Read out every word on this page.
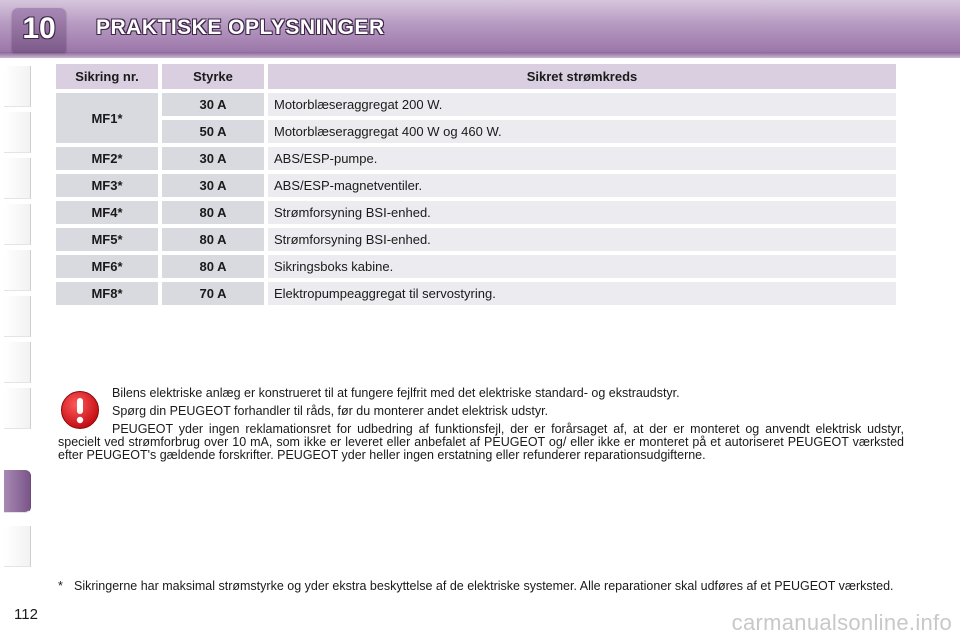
10	PRAKTISKE OPLYSNINGER
Sikring nr.	Styrke	Sikret strømkreds
MF1*	30 A	Motorblæseraggregat 200 W.
	50 A	Motorblæseraggregat 400 W og 460 W.
MF2*	30 A	ABS/ESP-pumpe.
MF3*	30 A	ABS/ESP-magnetventiler.
MF4*	80 A	Strømforsyning BSI-enhed.
MF5*	80 A	Strømforsyning BSI-enhed.
MF6*	80 A	Sikringsboks kabine.
MF8*	70 A	Elektropumpeaggregat til servostyring.

Bilens elektriske anlæg er konstrueret til at fungere fejlfrit med det elektriske standard- og ekstraudstyr.

Spørg din PEUGEOT forhandler til råds, før du monterer andet elektrisk udstyr.

PEUGEOT yder ingen reklamationsret for udbedring af funktionsfejl, der er forårsaget af, at der er monteret og anvendt elektrisk udstyr, specielt ved strømforbrug over 10 mA, som ikke er leveret eller anbefalet af PEUGEOT og/ eller ikke er monteret på et autoriseret PEUGEOT værksted efter PEUGEOT's gældende forskrifter. PEUGEOT yder heller ingen erstatning eller refunderer reparationsudgifterne.

* Sikringerne har maksimal strømstyrke og yder ekstra beskyttelse af de elektriske systemer. Alle reparationer skal udføres af et PEUGEOT værksted.
112	carmanualsonline.info
